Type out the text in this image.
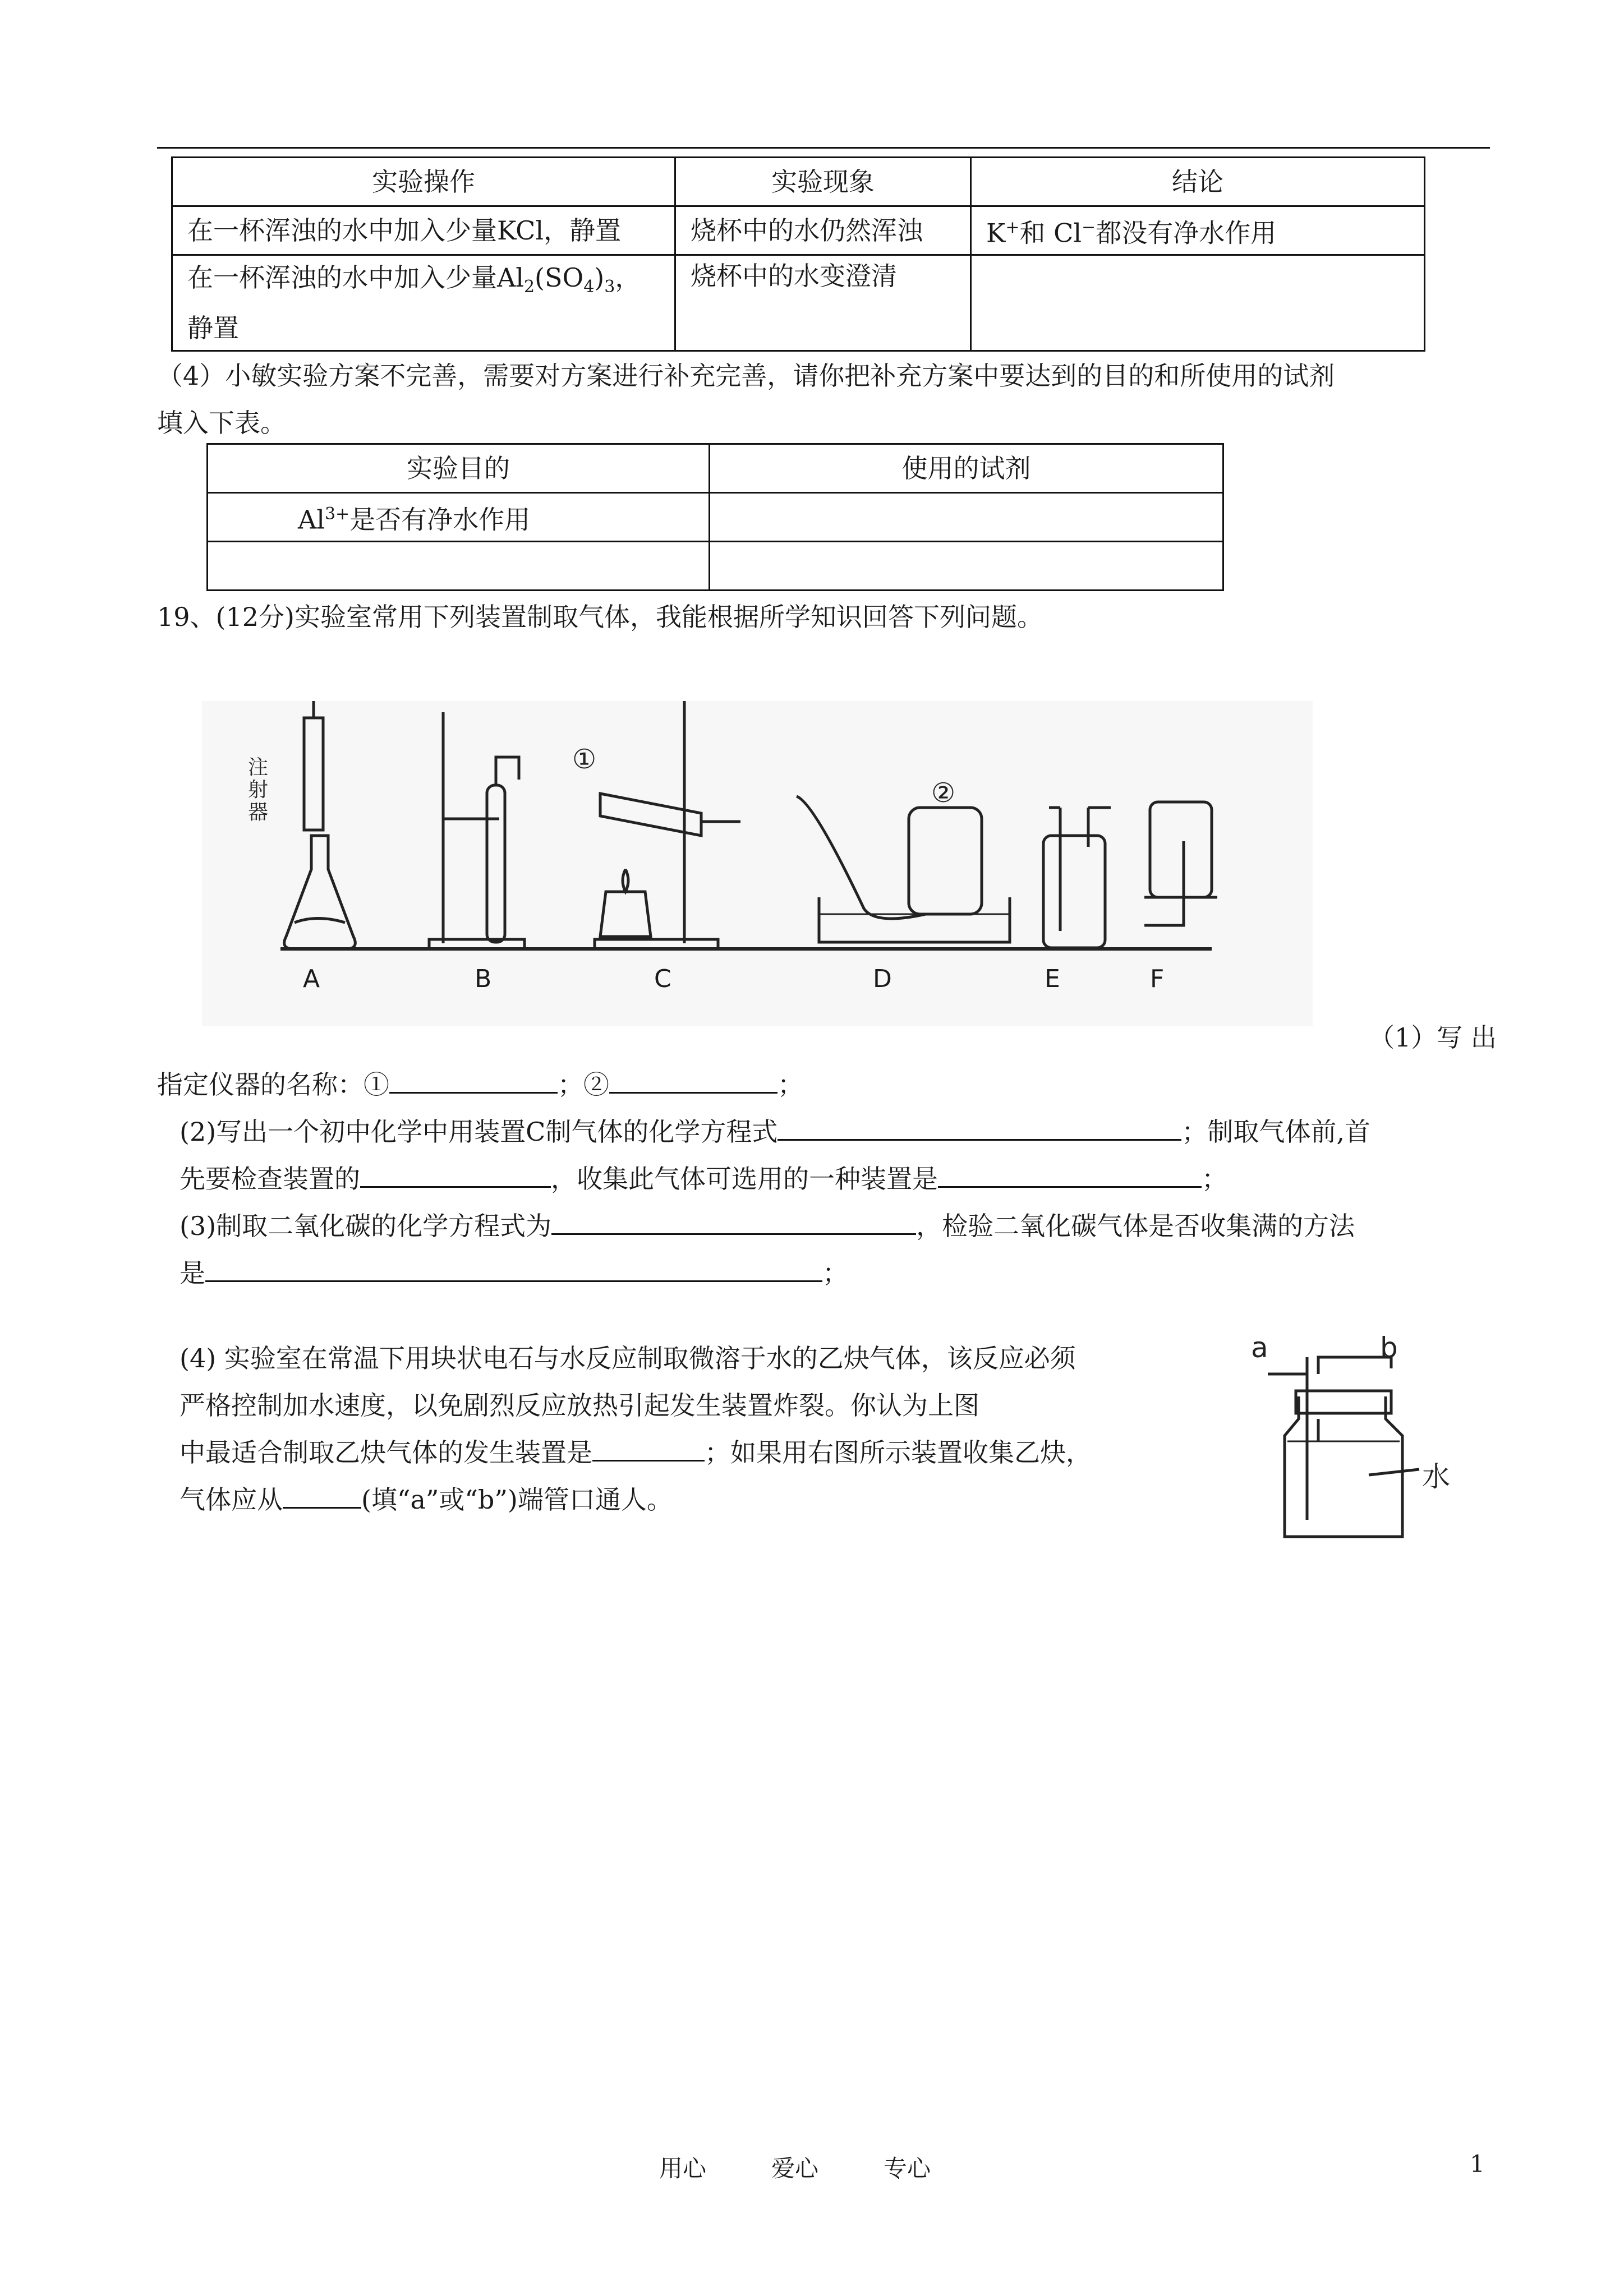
实验操作	实验现象	结论
在一杯浑浊的水中加入少量KCl，静置	烧杯中的水仍然浑浊	K+和 Cl−都没有净水作用
在一杯浑浊的水中加入少量$Al_2(SO_4)_3$，
静置	烧杯中的水变澄清	
（4）小敏实验方案不完善，需要对方案进行补充完善，请你把补充方案中要达到的目的和所使用的试剂
填入下表。
实验目的	使用的试剂
$Al^{3+}$是否有净水作用	

19、(12分)实验室常用下列装置制取气体，我能根据所学知识回答下列问题。
注射器
①
②
A	B	C	D	E	F
（1）写 出
指定仪器的名称：①	；②	；
(2)写出一个初中化学中用装置C制气体的化学方程式	；制取气体前,首
先要检查装置的	，收集此气体可选用的一种装置是	；
(3)制取二氧化碳的化学方程式为	，检验二氧化碳气体是否收集满的方法
是	；
(4) 实验室在常温下用块状电石与水反应制取微溶于水的乙炔气体，该反应必须
严格控制加水速度，以免剧烈反应放热引起发生装置炸裂。你认为上图
中最适合制取乙炔气体的发生装置是	；如果用右图所示装置收集乙炔，
气体应从	(填“a”或“b”)端管口通人。
a	b
水
用心	爱心	专心	1
